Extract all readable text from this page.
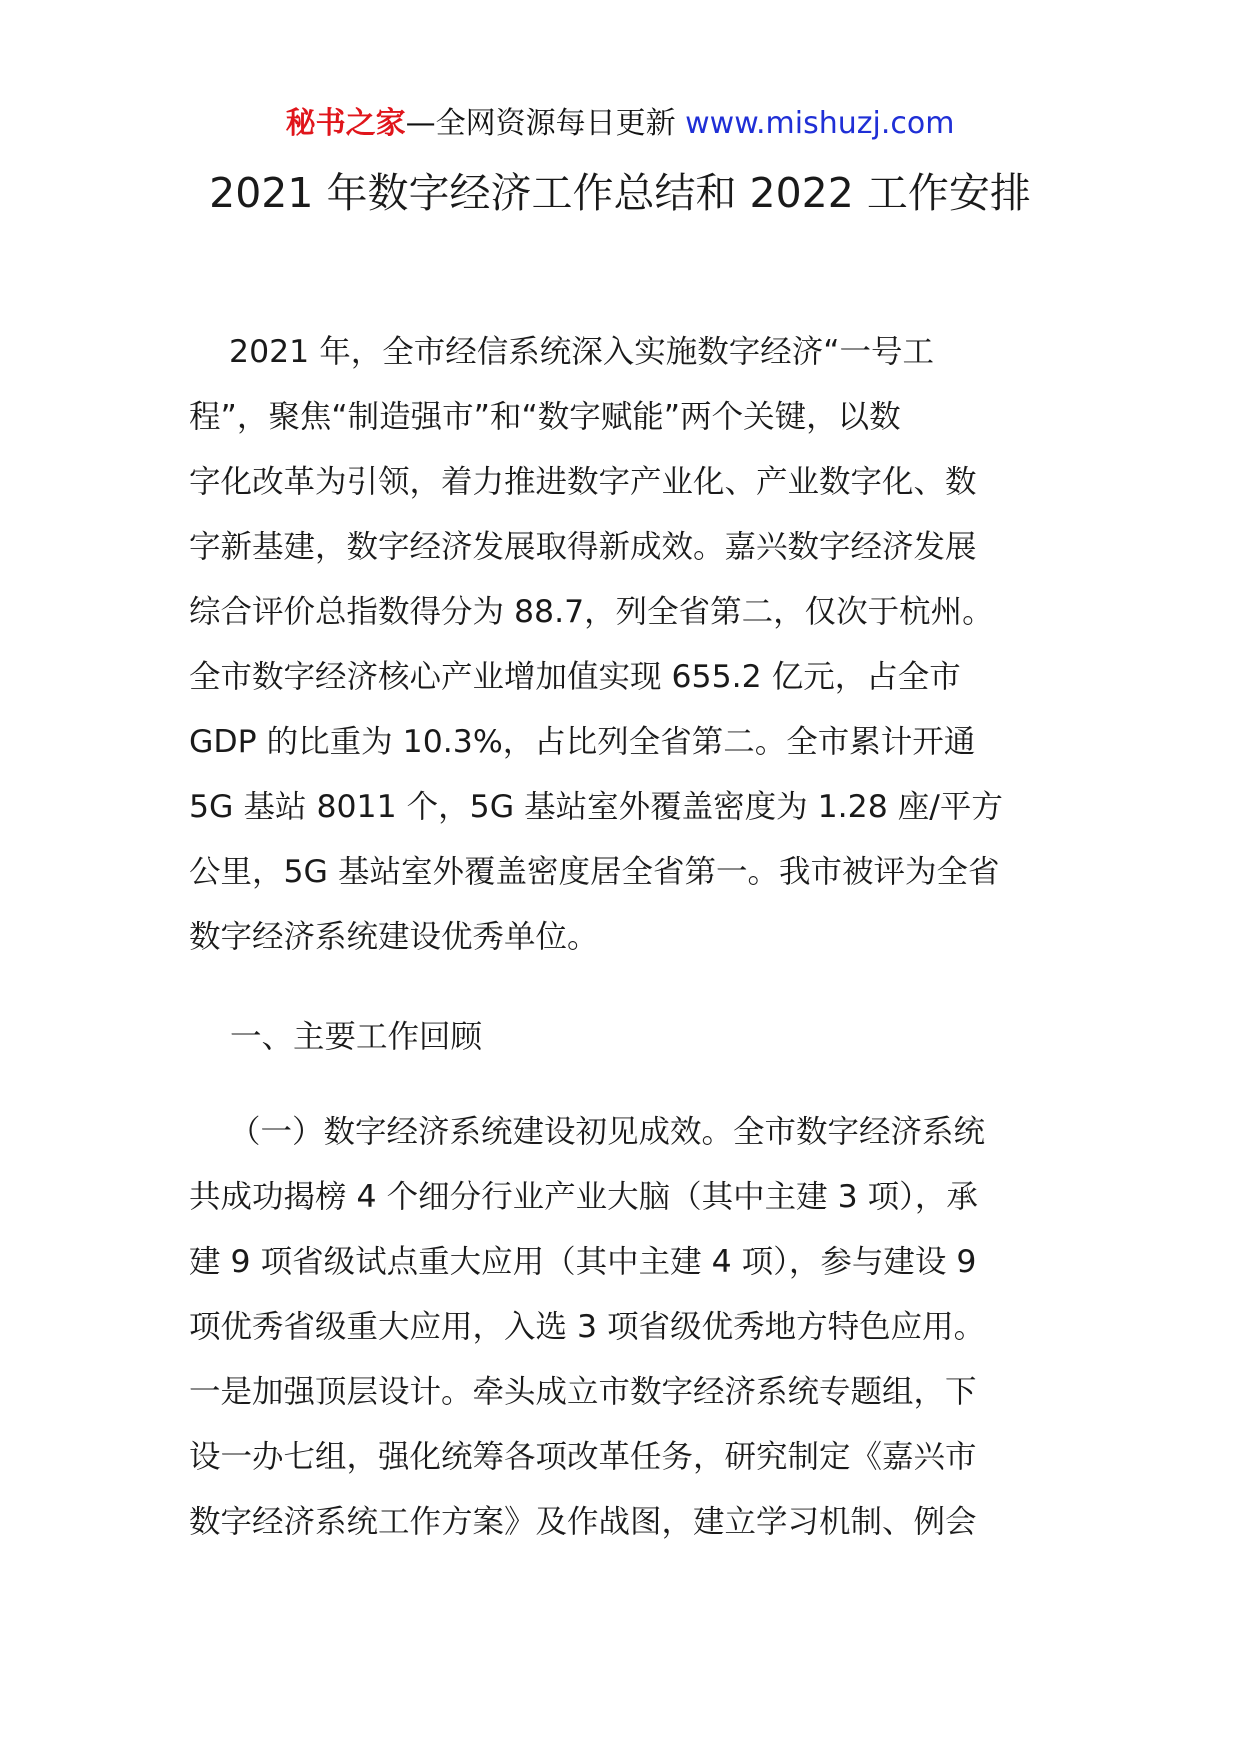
秘书之家—全网资源每日更新 www.mishuzj.com
2021 年数字经济工作总结和 2022 工作安排
2021 年，全市经信系统深入实施数字经济“一号工
程”，聚焦“制造强市”和“数字赋能”两个关键，以数
字化改革为引领，着力推进数字产业化、产业数字化、数
字新基建，数字经济发展取得新成效。嘉兴数字经济发展
综合评价总指数得分为 88.7，列全省第二，仅次于杭州。
全市数字经济核心产业增加值实现 655.2 亿元，占全市
GDP 的比重为 10.3%，占比列全省第二。全市累计开通
5G 基站 8011 个，5G 基站室外覆盖密度为 1.28 座/平方
公里，5G 基站室外覆盖密度居全省第一。我市被评为全省
数字经济系统建设优秀单位。
一、主要工作回顾
（一）数字经济系统建设初见成效。全市数字经济系统
共成功揭榜 4 个细分行业产业大脑（其中主建 3 项），承
建 9 项省级试点重大应用（其中主建 4 项），参与建设 9
项优秀省级重大应用，入选 3 项省级优秀地方特色应用。
一是加强顶层设计。牵头成立市数字经济系统专题组，下
设一办七组，强化统筹各项改革任务，研究制定《嘉兴市
数字经济系统工作方案》及作战图，建立学习机制、例会
